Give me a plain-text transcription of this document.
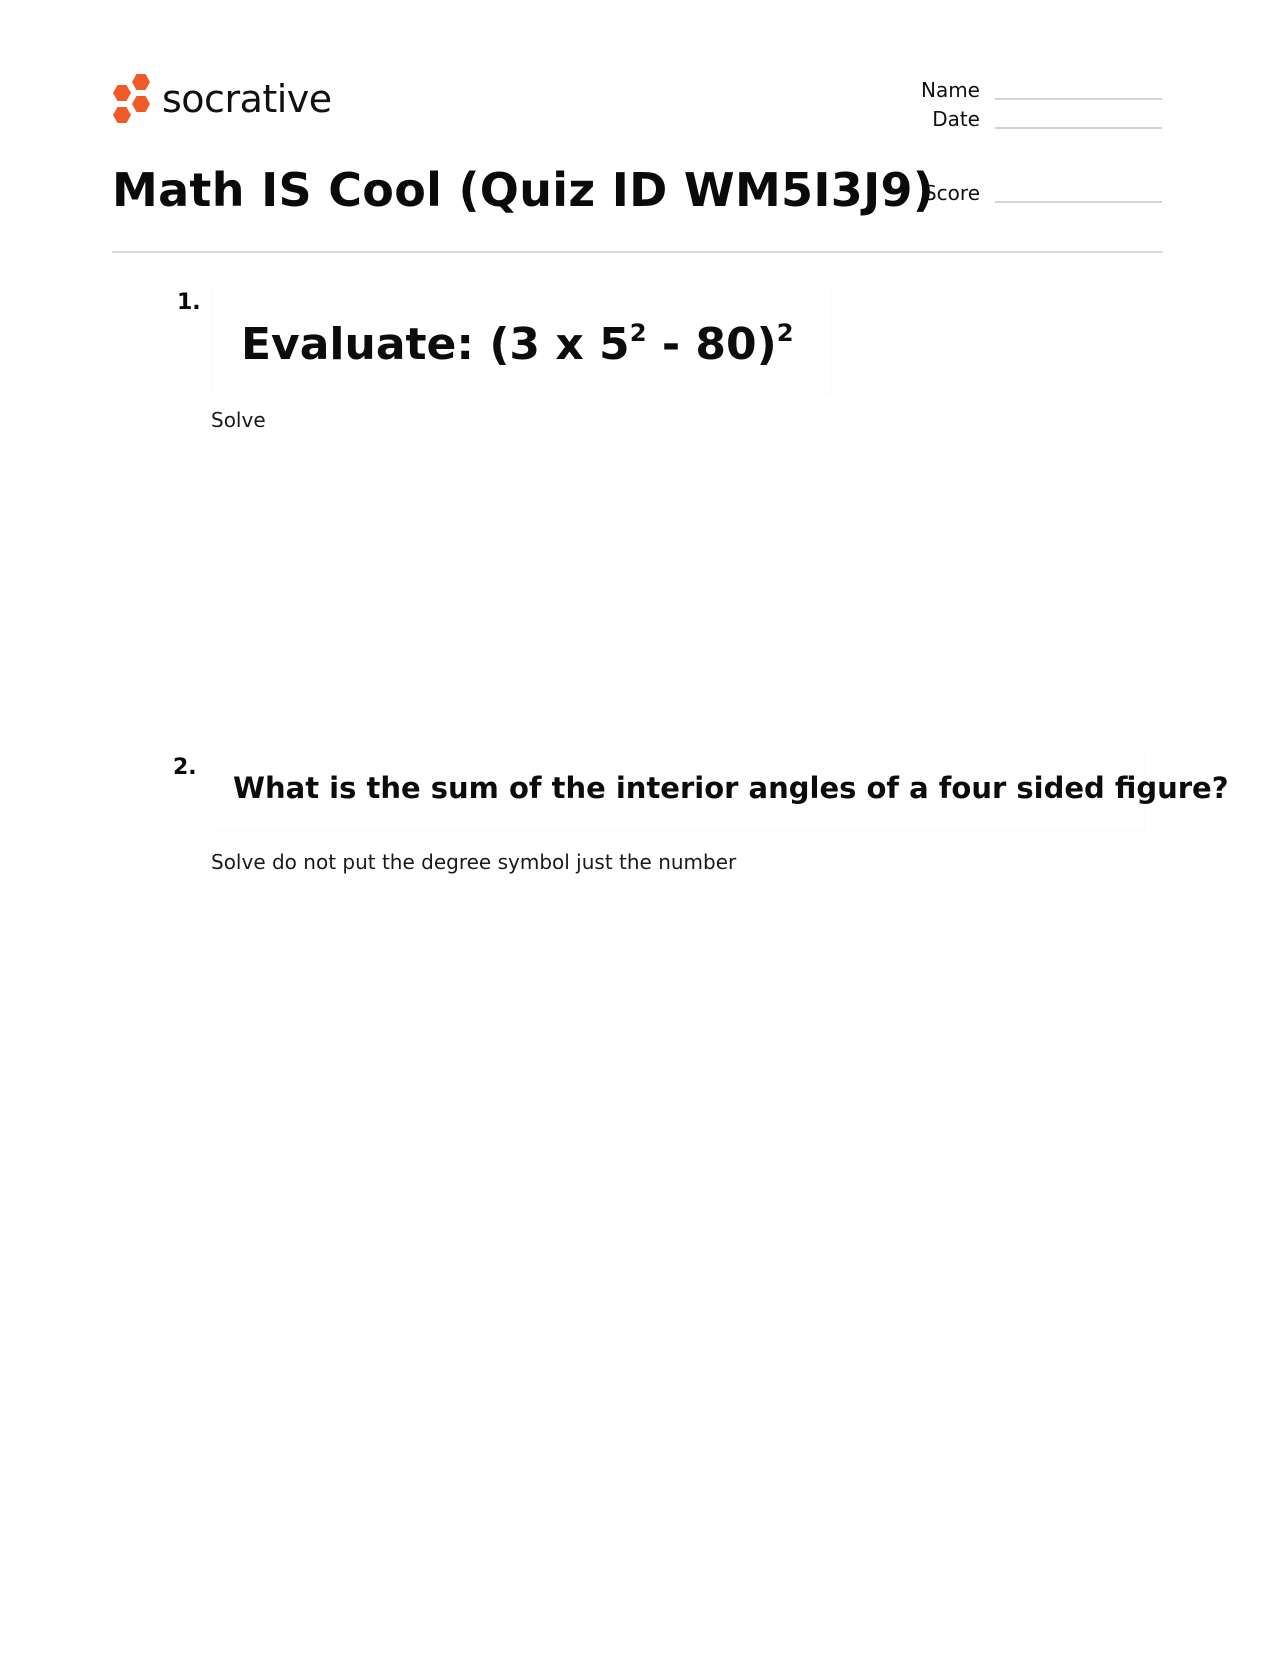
socrative	Name
Date
Score
Math IS Cool (Quiz ID WM5I3J9)
1.
Evaluate: (3 x $5^2 - 80)^2$
Solve
2.
What is the sum of the interior angles of a four sided figure?
Solve do not put the degree symbol just the number
